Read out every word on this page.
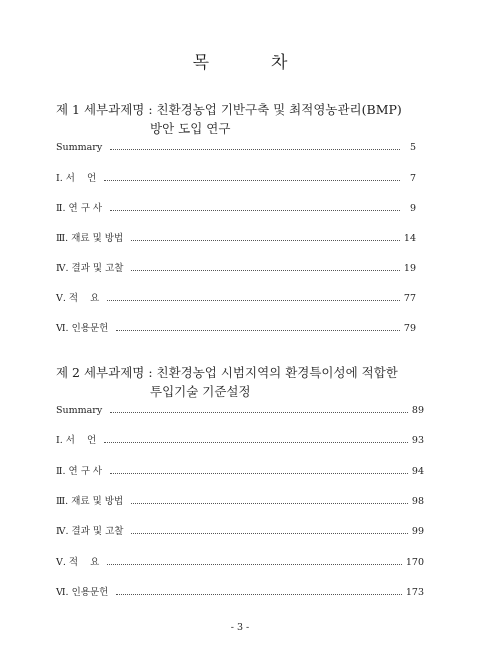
목	차
제 1 세부과제명 : 친환경농업 기반구축 및 최적영농관리(BMP)
방안 도입 연구
Summary	5
Ⅰ. 서    언	7
Ⅱ. 연 구 사	9
Ⅲ. 재료 및 방법	14
Ⅳ. 결과 및 고찰	19
Ⅴ. 적    요	77
Ⅵ. 인용문헌	79
제 2 세부과제명 : 친환경농업 시범지역의 환경특이성에 적합한
투입기술 기준설정
Summary	89
Ⅰ. 서    언	93
Ⅱ. 연 구 사	94
Ⅲ. 재료 및 방법	98
Ⅳ. 결과 및 고찰	99
Ⅴ. 적    요	170
Ⅵ. 인용문헌	173
- 3 -
